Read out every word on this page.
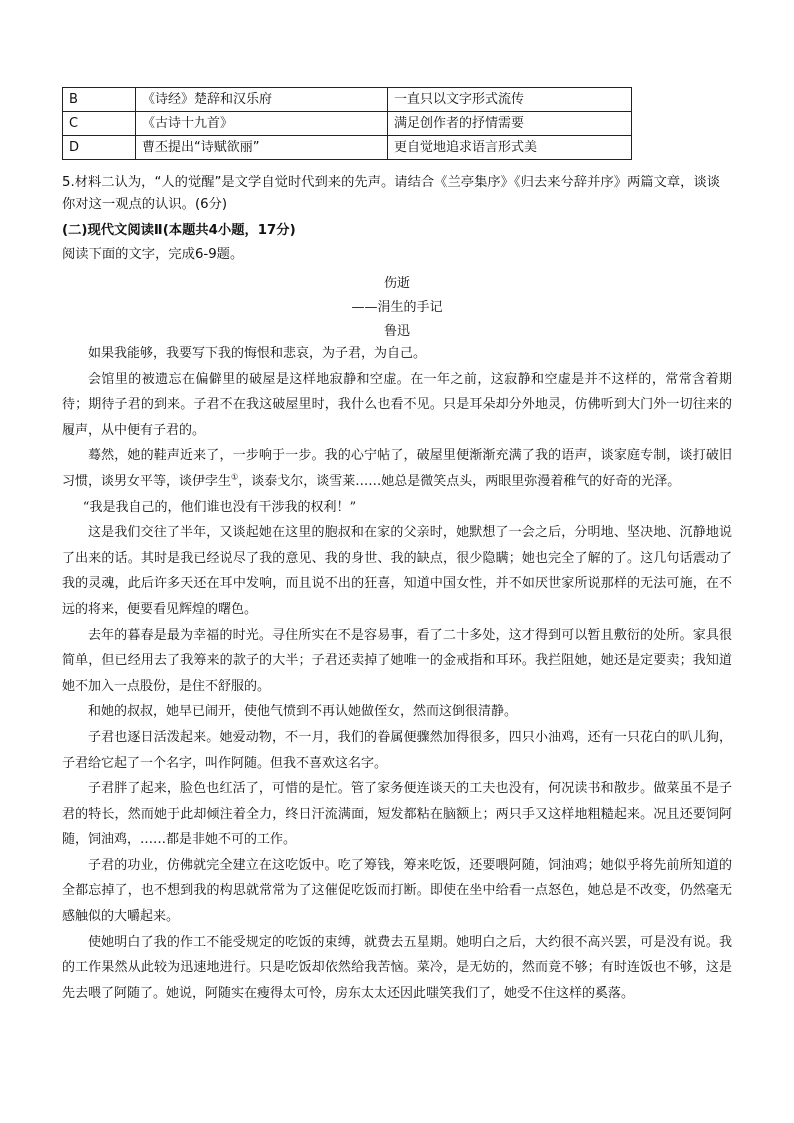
B	《诗经》楚辞和汉乐府	一直只以文字形式流传
C	《古诗十九首》	满足创作者的抒情需要
D	曹丕提出“诗赋欲丽”	更自觉地追求语言形式美
5.材料二认为，“人的觉醒”是文学自觉时代到来的先声。请结合《兰亭集序》《归去来兮辞并序》两篇文章，谈谈你对这一观点的认识。(6分)
(二)现代文阅读Ⅱ(本题共4小题，17分)
阅读下面的文字，完成6-9题。
伤逝
——涓生的手记
鲁迅

如果我能够，我要写下我的悔恨和悲哀，为子君，为自己。

会馆里的被遗忘在偏僻里的破屋是这样地寂静和空虚。在一年之前，这寂静和空虚是并不这样的，常常含着期待；期待子君的到来。子君不在我这破屋里时，我什么也看不见。只是耳朵却分外地灵，仿佛听到大门外一切往来的履声，从中便有子君的。

蓦然，她的鞋声近来了，一步响于一步。我的心宁帖了，破屋里便渐渐充满了我的语声，谈家庭专制，谈打破旧习惯，谈男女平等，谈伊孛生①，谈泰戈尔，谈雪莱……她总是微笑点头，两眼里弥漫着稚气的好奇的光泽。

“我是我自己的，他们谁也没有干涉我的权利！”

这是我们交往了半年，又谈起她在这里的胞叔和在家的父亲时，她默想了一会之后，分明地、坚决地、沉静地说了出来的话。其时是我已经说尽了我的意见、我的身世、我的缺点，很少隐瞒；她也完全了解的了。这几句话震动了我的灵魂，此后许多天还在耳中发响，而且说不出的狂喜，知道中国女性，并不如厌世家所说那样的无法可施，在不远的将来，便要看见辉煌的曙色。

去年的暮春是最为幸福的时光。寻住所实在不是容易事，看了二十多处，这才得到可以暂且敷衍的处所。家具很简单，但已经用去了我筹来的款子的大半；子君还卖掉了她唯一的金戒指和耳环。我拦阻她，她还是定要卖；我知道她不加入一点股份，是住不舒服的。

和她的叔叔，她早已闹开，使他气愤到不再认她做侄女，然而这倒很清静。

子君也逐日活泼起来。她爱动物，不一月，我们的眷属便骤然加得很多，四只小油鸡，还有一只花白的叭儿狗，子君给它起了一个名字，叫作阿随。但我不喜欢这名字。

子君胖了起来，脸色也红活了，可惜的是忙。管了家务便连谈天的工夫也没有，何况读书和散步。做菜虽不是子君的特长，然而她于此却倾注着全力，终日汗流满面，短发都粘在脑额上；两只手又这样地粗糙起来。况且还要饲阿随，饲油鸡，……都是非她不可的工作。

子君的功业，仿佛就完全建立在这吃饭中。吃了筹钱，筹来吃饭，还要喂阿随，饲油鸡；她似乎将先前所知道的全都忘掉了，也不想到我的构思就常常为了这催促吃饭而打断。即使在坐中给看一点怒色，她总是不改变，仍然毫无感触似的大嚼起来。

使她明白了我的作工不能受规定的吃饭的束缚，就费去五星期。她明白之后，大约很不高兴罢，可是没有说。我的工作果然从此较为迅速地进行。只是吃饭却依然给我苦恼。菜冷，是无妨的，然而竟不够；有时连饭也不够，这是先去喂了阿随了。她说，阿随实在瘦得太可怜，房东太太还因此嗤笑我们了，她受不住这样的奚落。
